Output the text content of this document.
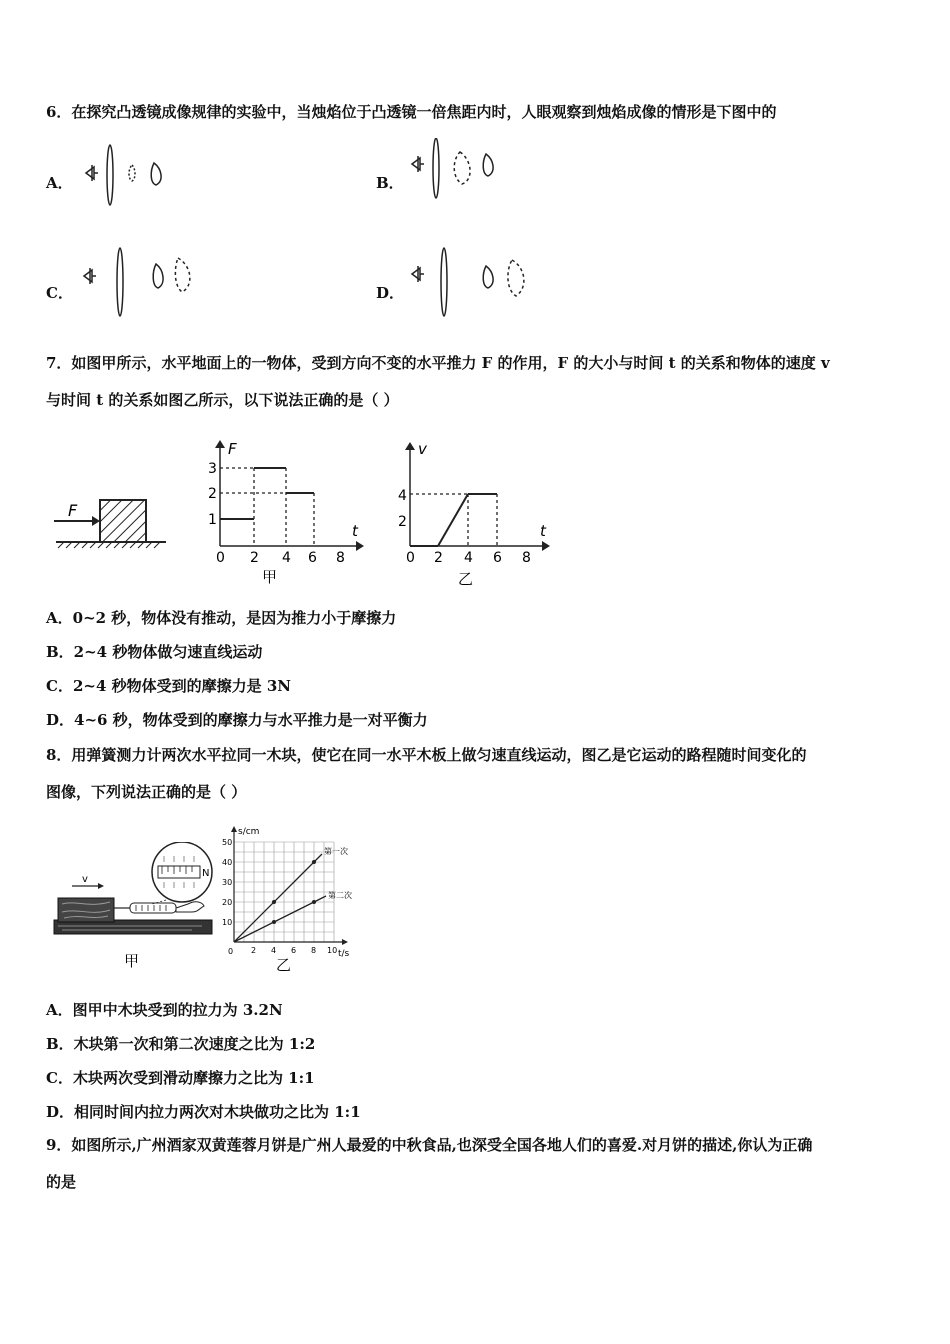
6．在探究凸透镜成像规律的实验中，当烛焰位于凸透镜一倍焦距内时，人眼观察到烛焰成像的情形是下图中的
A．	B．
C．	D．
7．如图甲所示，水平地面上的一物体，受到方向不变的水平推力 F 的作用，F 的大小与时间 t 的关系和物体的速度 v
与时间 t 的关系如图乙所示，以下说法正确的是（ ）
F
F
t
1
2
3
0 2 4 6 8
甲
v
t
2
4
0 2 4 6 8
乙
A．0~2 秒，物体没有推动，是因为推力小于摩擦力
B．2~4 秒物体做匀速直线运动
C．2~4 秒物体受到的摩擦力是 3N
D．4~6 秒，物体受到的摩擦力与水平推力是一对平衡力
8．用弹簧测力计两次水平拉同一木块，使它在同一水平木板上做匀速直线运动，图乙是它运动的路程随时间变化的
图像，下列说法正确的是（ ）
v
N
甲
s/cm
t/s
0
10
20
30
40
50
2 4 6 8 10
第一次
第二次
乙
A．图甲中木块受到的拉力为 3.2N
B．木块第一次和第二次速度之比为 1:2
C．木块两次受到滑动摩擦力之比为 1:1
D．相同时间内拉力两次对木块做功之比为 1:1
9．如图所示,广州酒家双黄莲蓉月饼是广州人最爱的中秋食品,也深受全国各地人们的喜爱.对月饼的描述,你认为正确
的是
